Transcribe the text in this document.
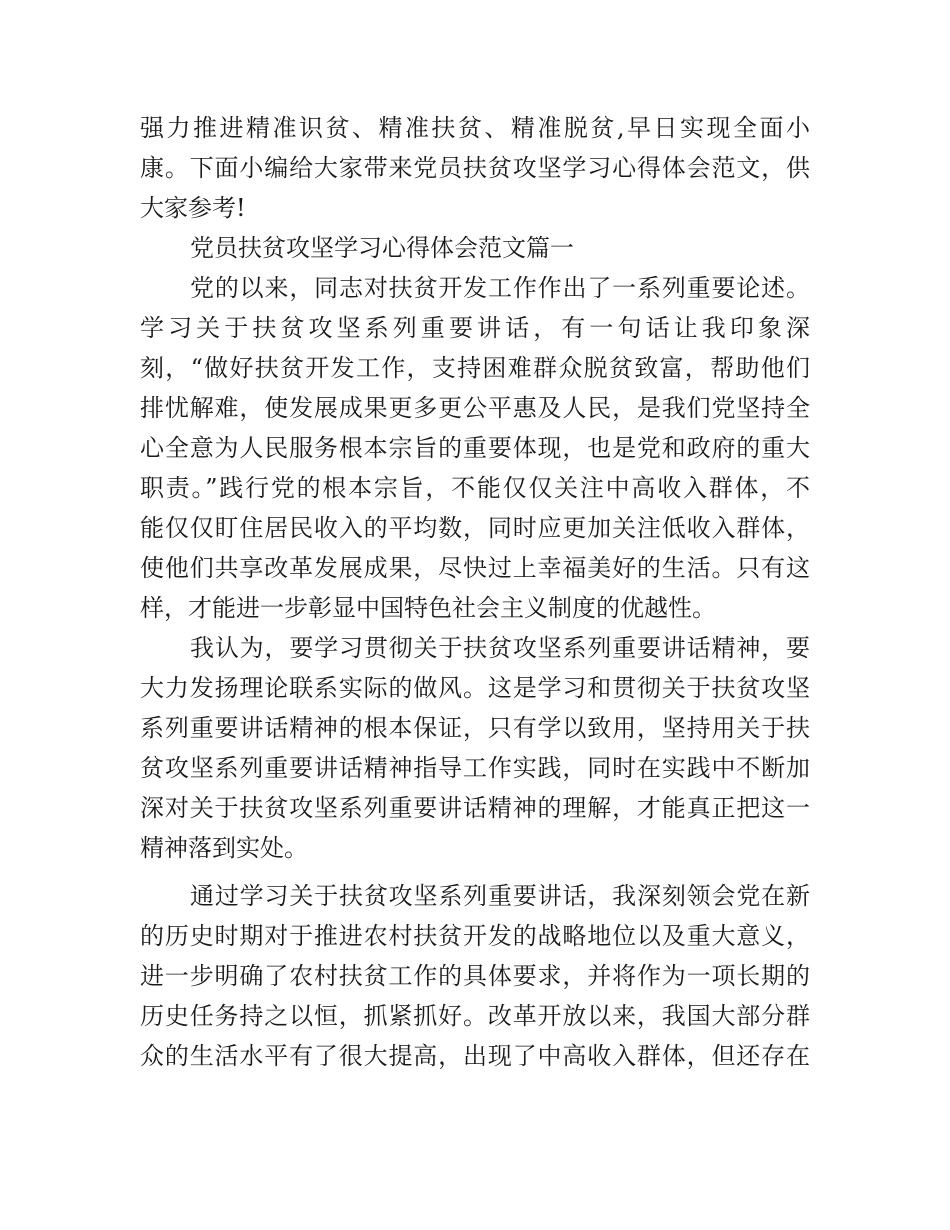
强力推进精准识贫、精准扶贫、精准脱贫,早日实现全面小
康。下面小编给大家带来党员扶贫攻坚学习心得体会范文，供
大家参考!
党员扶贫攻坚学习心得体会范文篇一
党的以来，同志对扶贫开发工作作出了一系列重要论述。
学习关于扶贫攻坚系列重要讲话，有一句话让我印象深
刻，“做好扶贫开发工作，支持困难群众脱贫致富，帮助他们
排忧解难，使发展成果更多更公平惠及人民，是我们党坚持全
心全意为人民服务根本宗旨的重要体现，也是党和政府的重大
职责。”践行党的根本宗旨，不能仅仅关注中高收入群体，不
能仅仅盯住居民收入的平均数，同时应更加关注低收入群体，
使他们共享改革发展成果，尽快过上幸福美好的生活。只有这
样，才能进一步彰显中国特色社会主义制度的优越性。
我认为，要学习贯彻关于扶贫攻坚系列重要讲话精神，要
大力发扬理论联系实际的做风。这是学习和贯彻关于扶贫攻坚
系列重要讲话精神的根本保证，只有学以致用，坚持用关于扶
贫攻坚系列重要讲话精神指导工作实践，同时在实践中不断加
深对关于扶贫攻坚系列重要讲话精神的理解，才能真正把这一
精神落到实处。
通过学习关于扶贫攻坚系列重要讲话，我深刻领会党在新
的历史时期对于推进农村扶贫开发的战略地位以及重大意义，
进一步明确了农村扶贫工作的具体要求，并将作为一项长期的
历史任务持之以恒，抓紧抓好。改革开放以来，我国大部分群
众的生活水平有了很大提高，出现了中高收入群体，但还存在
